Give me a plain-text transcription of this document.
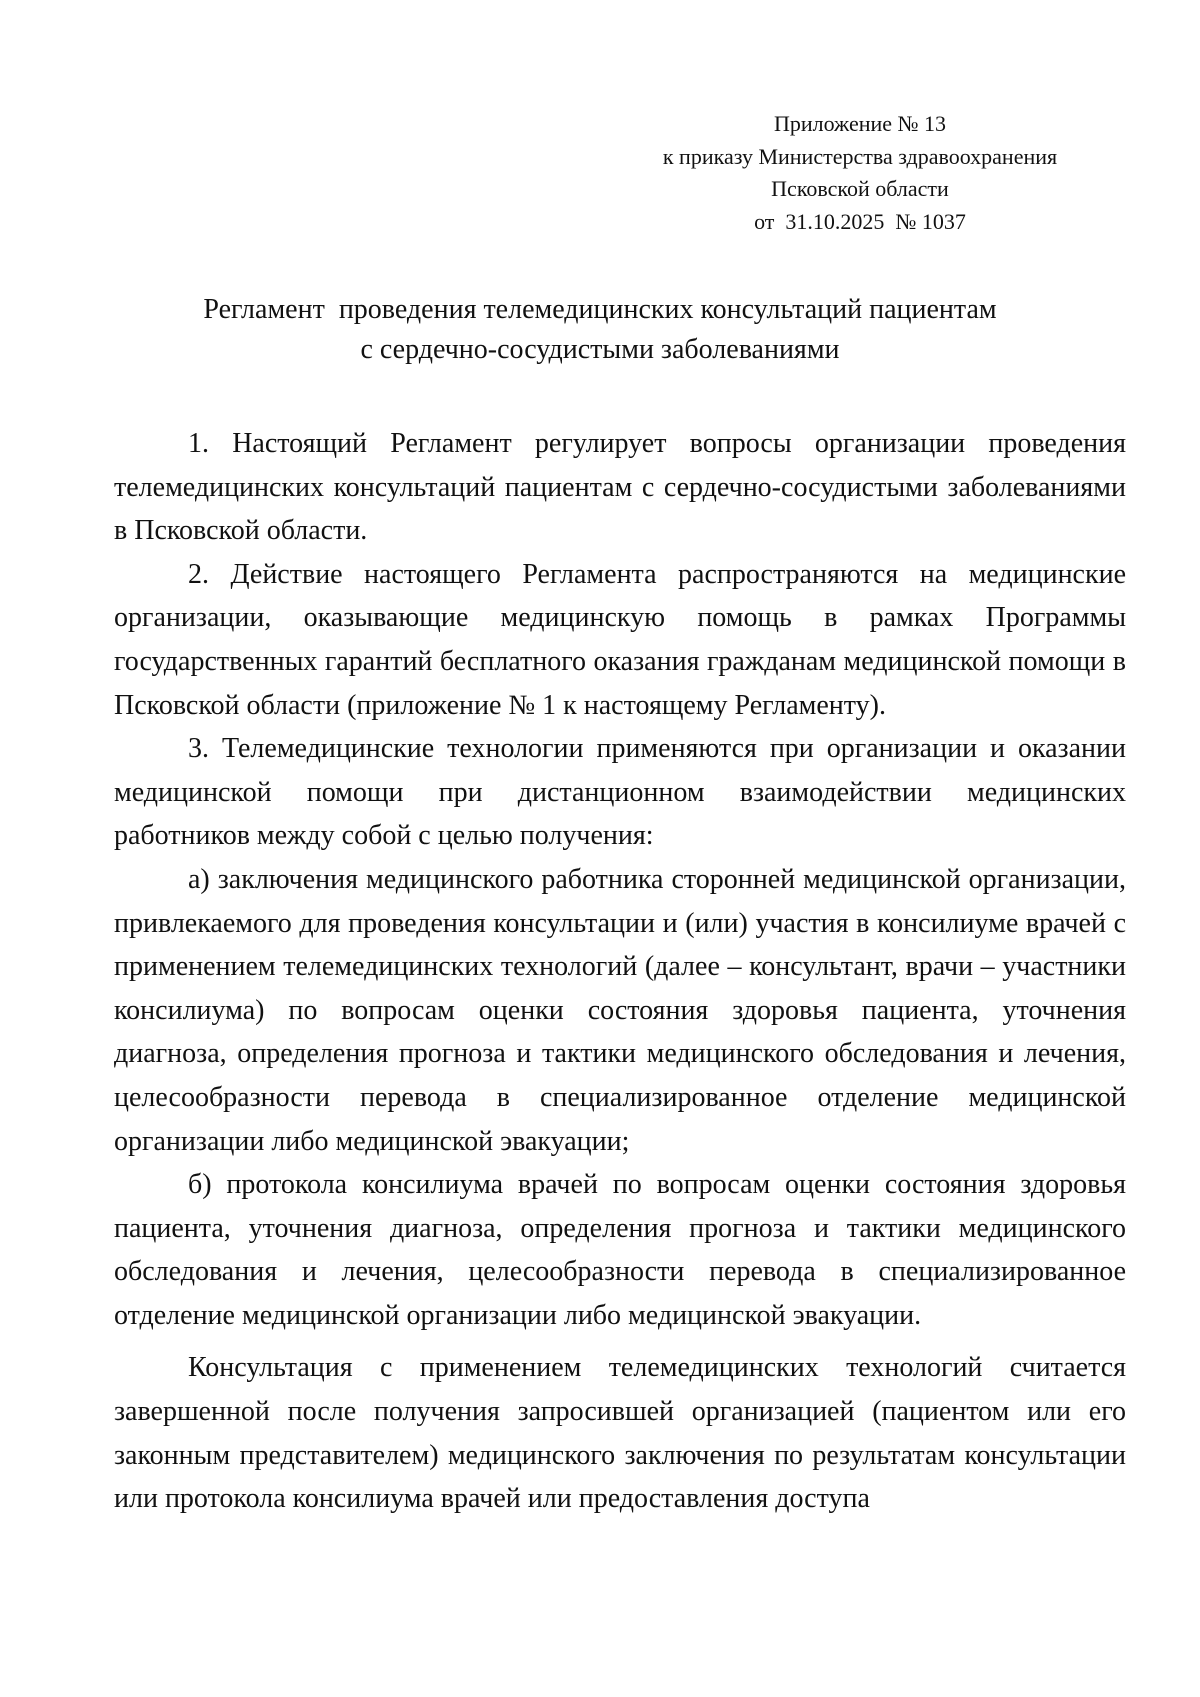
Приложение № 13
к приказу Министерства здравоохранения
Псковской области
от  31.10.2025  № 1037
Регламент  проведения телемедицинских консультаций пациентам
с сердечно-сосудистыми заболеваниями

1. Настоящий Регламент регулирует вопросы организации проведения телемедицинских консультаций пациентам с сердечно-сосудистыми заболеваниями в Псковской области.

2. Действие настоящего Регламента распространяются на медицинские организации, оказывающие медицинскую помощь в рамках Программы государственных гарантий бесплатного оказания гражданам медицинской помощи в Псковской области (приложение № 1 к настоящему Регламенту).

3. Телемедицинские технологии применяются при организации и оказании медицинской помощи при дистанционном взаимодействии медицинских работников между собой с целью получения:

а) заключения медицинского работника сторонней медицинской организации, привлекаемого для проведения консультации и (или) участия в консилиуме врачей с применением телемедицинских технологий (далее – консультант, врачи – участники консилиума) по вопросам оценки состояния здоровья пациента, уточнения диагноза, определения прогноза и тактики медицинского обследования и лечения, целесообразности перевода в специализированное отделение медицинской организации либо медицинской эвакуации;

б) протокола консилиума врачей по вопросам оценки состояния здоровья пациента, уточнения диагноза, определения прогноза и тактики медицинского обследования и лечения, целесообразности перевода в специализированное отделение медицинской организации либо медицинской эвакуации.

Консультация с применением телемедицинских технологий считается завершенной после получения запросившей организацией (пациентом или его законным представителем) медицинского заключения по результатам консультации или протокола консилиума врачей или предоставления доступа
